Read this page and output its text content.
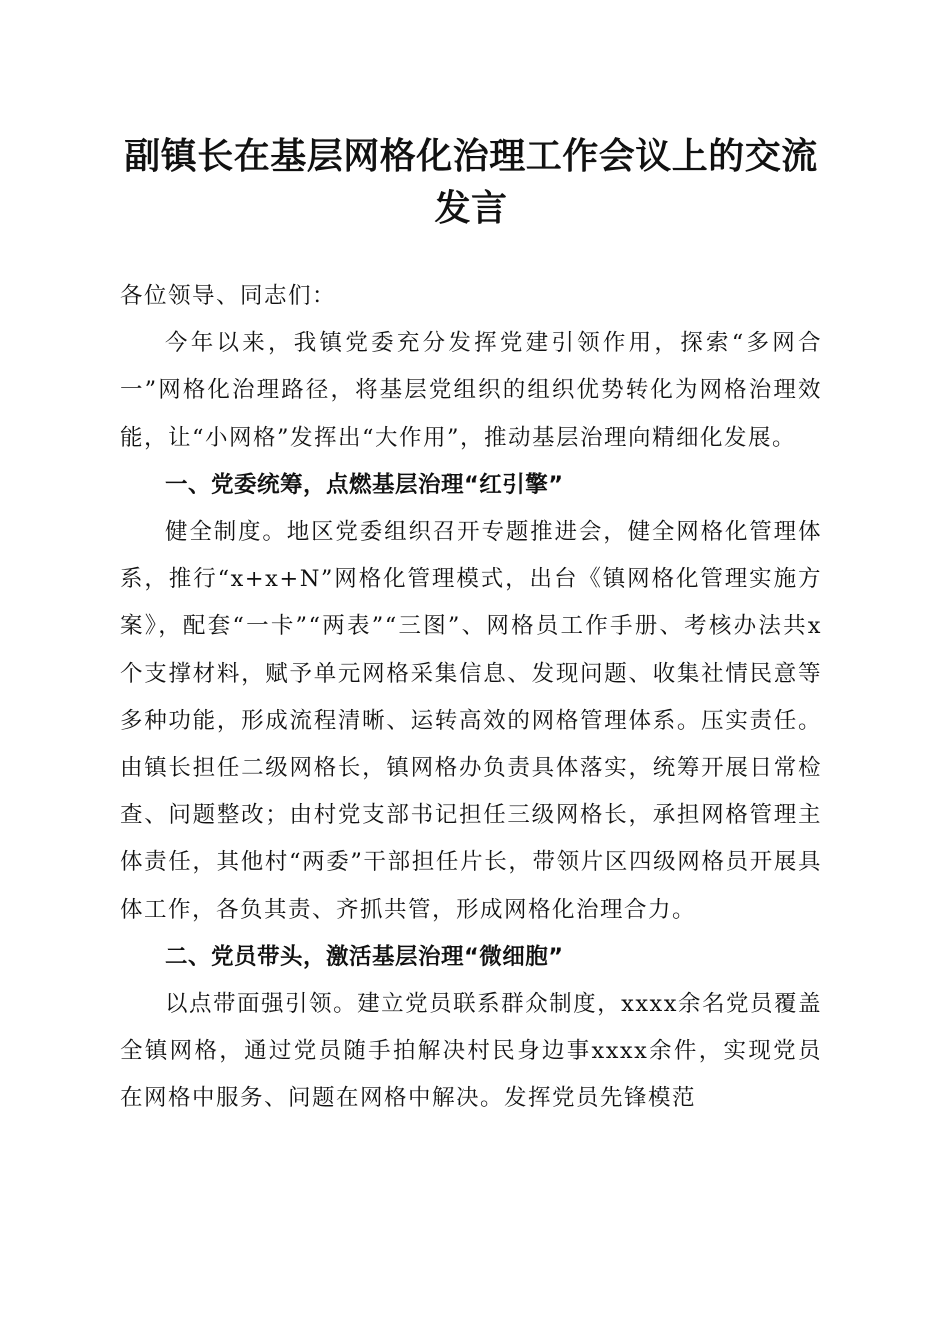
副镇长在基层网格化治理工作会议上的交流发言

各位领导、同志们：

今年以来，我镇党委充分发挥党建引领作用，探索“多网合一”网格化治理路径，将基层党组织的组织优势转化为网格治理效能，让“小网格”发挥出“大作用”，推动基层治理向精细化发展。

一、党委统筹，点燃基层治理“红引擎”

健全制度。地区党委组织召开专题推进会，健全网格化管理体系，推行“x+x+N”网格化管理模式，出台《镇网格化管理实施方案》，配套“一卡”“两表”“三图”、网格员工作手册、考核办法共x个支撑材料，赋予单元网格采集信息、发现问题、收集社情民意等多种功能，形成流程清晰、运转高效的网格管理体系。压实责任。由镇长担任二级网格长，镇网格办负责具体落实，统筹开展日常检查、问题整改；由村党支部书记担任三级网格长，承担网格管理主体责任，其他村“两委”干部担任片长，带领片区四级网格员开展具体工作，各负其责、齐抓共管，形成网格化治理合力。

二、党员带头，激活基层治理“微细胞”

以点带面强引领。建立党员联系群众制度，xxxx余名党员覆盖全镇网格，通过党员随手拍解决村民身边事xxxx余件，实现党员在网格中服务、问题在网格中解决。发挥党员先锋模范
